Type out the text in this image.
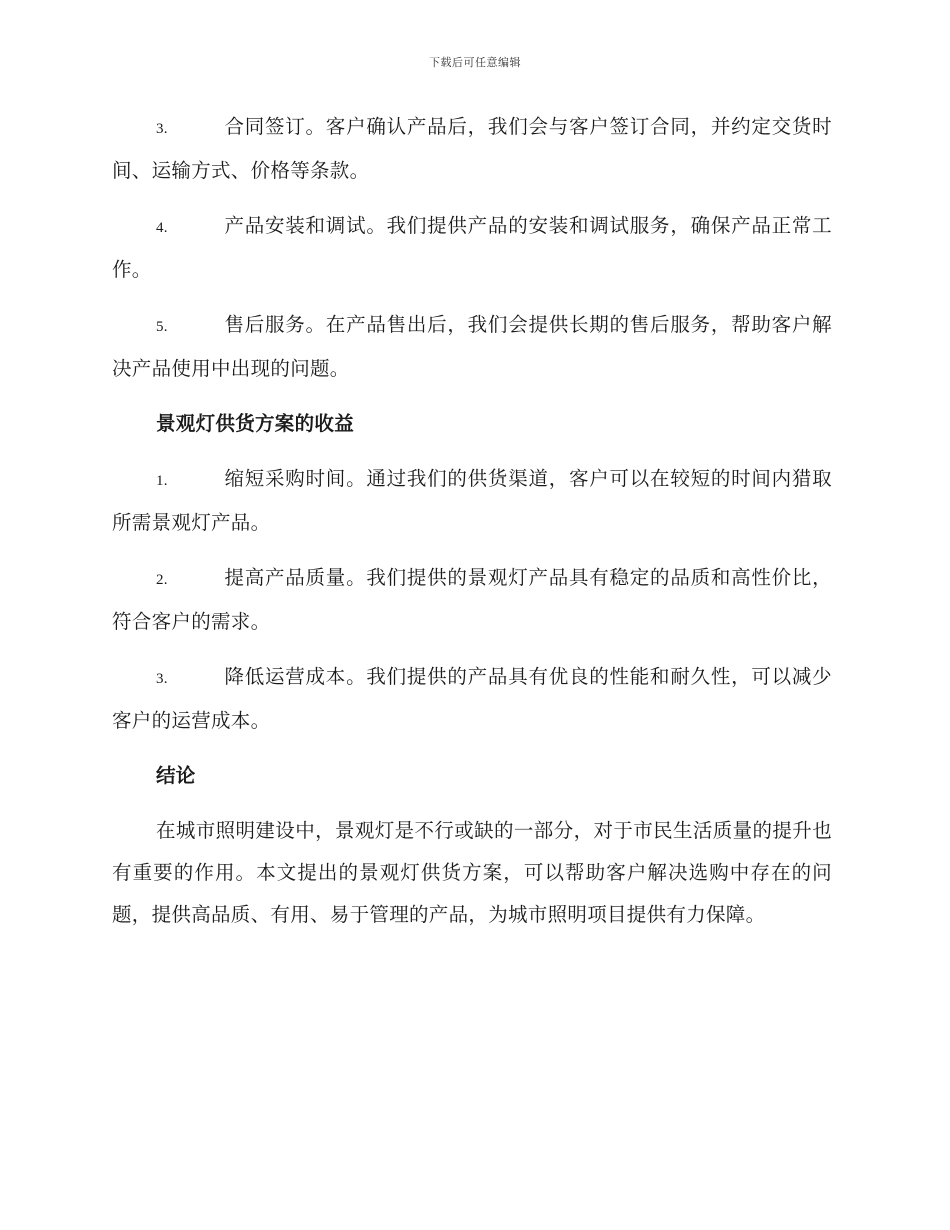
下载后可任意编辑

3.	合同签订。客户确认产品后，我们会与客户签订合同，并约定交货时间、运输方式、价格等条款。

4.	产品安装和调试。我们提供产品的安装和调试服务，确保产品正常工作。

5.	售后服务。在产品售出后，我们会提供长期的售后服务，帮助客户解决产品使用中出现的问题。

景观灯供货方案的收益

1.	缩短采购时间。通过我们的供货渠道，客户可以在较短的时间内猎取所需景观灯产品。

2.	提高产品质量。我们提供的景观灯产品具有稳定的品质和高性价比，符合客户的需求。

3.	降低运营成本。我们提供的产品具有优良的性能和耐久性，可以减少客户的运营成本。

结论

在城市照明建设中，景观灯是不行或缺的一部分，对于市民生活质量的提升也有重要的作用。本文提出的景观灯供货方案，可以帮助客户解决选购中存在的问题，提供高品质、有用、易于管理的产品，为城市照明项目提供有力保障。
